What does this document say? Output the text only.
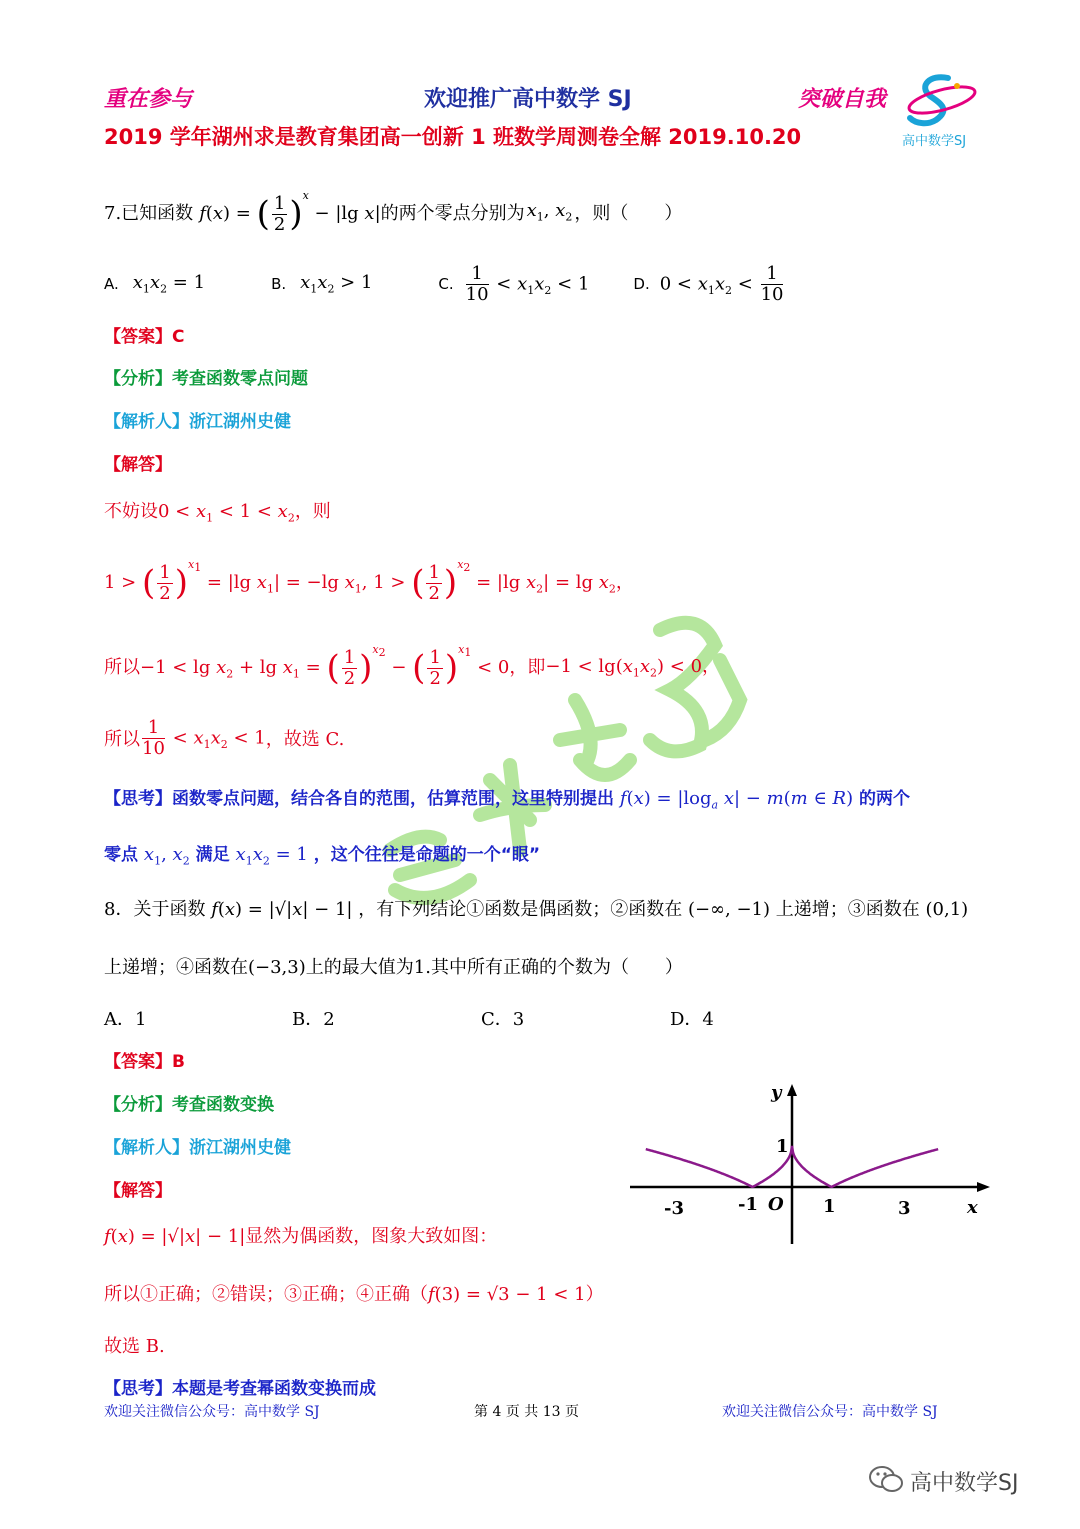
重在参与	欢迎推广高中数学 SJ	突破自我
高中数学SJ
2019 学年湖州求是教育集团高一创新 1 班数学周测卷全解 2019.10.20
7.已知函数 f(x) = ( $\frac{1}{2} )^x - |\lg$ x| 的两个零点分别为 $x_1$, $x_2$ ，则（　　）
A. $x_1x_2 = 1$	B. $x_1x_2 > 1$	C. $\frac{1}{10} < x_1x_2 < 1$	D. $0 < x_1x_2 < \frac{1}{10}$
【答案】C
【分析】考查函数零点问题
【解析人】浙江湖州史健
【解答】
不妨设$0 < x_1 < 1 < x_2$，则
1 > ( $\frac{1}{2} )^{x_1} = |\lg$ $x_1| = -\lg$ $x_1$, 1 > ( $\frac{1}{2} )^{x_2} = |\lg$ $x_2| = \lg x_2$，
所以 $-1 < \lg x_2 + \lg x_1$ = ( $\frac{1}{2} )^{x_2}$ − ( $\frac{1}{2} )^{x_1} < 0$ ，即 $-1 < \lg(x_1x_2) < 0$，
所以 $\frac{1}{10} < x_1x_2 < 1$ ，故选 C.
【思考】函数零点问题，结合各自的范围，估算范围，这里特别提出 $f(x) = |\log_a$ x| − m(m ∈ R) 的两个
零点 $x_1$, $x_2$ 满足 $x_1x_2 = 1$ ，这个往往是命题的一个“眼”
8．关于函数 f(x) = |√|x| − 1| ，有下列结论①函数是偶函数；②函数在 (−∞, −1) 上递增；③函数在 (0,1)
上递增；④函数在(−3,3)上的最大值为1.其中所有正确的个数为（　　）
A．1	B．2	C．3	D．4
【答案】B
【分析】考查函数变换
【解析人】浙江湖州史健
【解答】
f(x) = |√|x| − 1|显然为偶函数，图象大致如图：
所以①正确；②错误；③正确；④正确（f(3) = √3 − 1 < 1）
故选 B.
【思考】本题是考查幂函数变换而成
y
x
O
1
-3	-1	1	3
欢迎关注微信公众号：高中数学 SJ	第 4 页 共 13 页	欢迎关注微信公众号：高中数学 SJ
高中数学SJ
